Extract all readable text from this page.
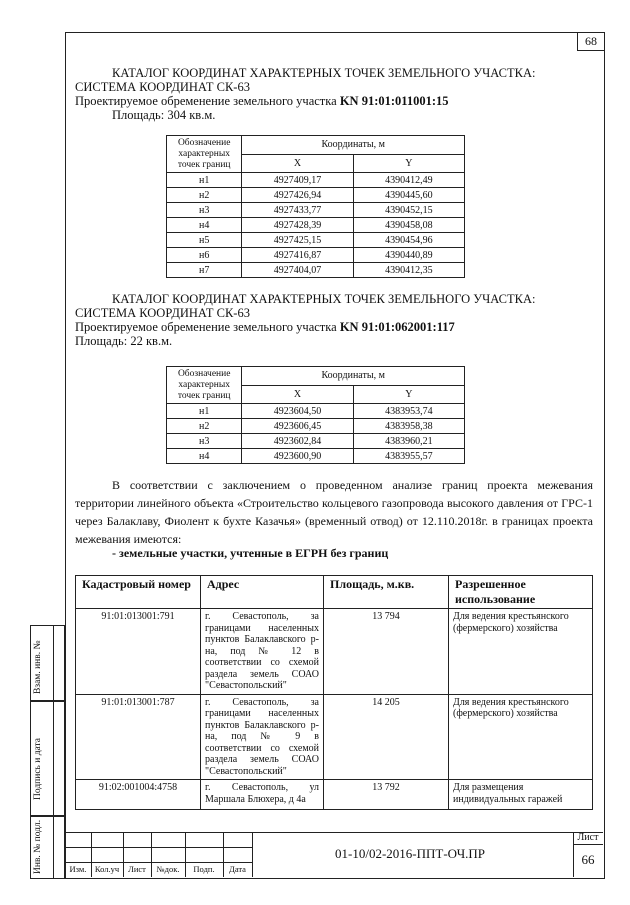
68
КАТАЛОГ КООРДИНАТ ХАРАКТЕРНЫХ ТОЧЕК ЗЕМЕЛЬНОГО УЧАСТКА:
СИСТЕМА КООРДИНАТ СК-63
Проектируемое обременение земельного участка KN 91:01:011001:15
Площадь: 304 кв.м.
Обозначение характерных точек границ	Координаты, м	
	X	Y
н1	4927409,17	4390412,49
н2	4927426,94	4390445,60
н3	4927433,77	4390452,15
н4	4927428,39	4390458,08
н5	4927425,15	4390454,96
н6	4927416,87	4390440,89
н7	4927404,07	4390412,35
КАТАЛОГ КООРДИНАТ ХАРАКТЕРНЫХ ТОЧЕК ЗЕМЕЛЬНОГО УЧАСТКА:
СИСТЕМА КООРДИНАТ СК-63
Проектируемое обременение земельного участка KN 91:01:062001:117
Площадь: 22 кв.м.
Обозначение характерных точек границ	Координаты, м	
	X	Y
н1	4923604,50	4383953,74
н2	4923606,45	4383958,38
н3	4923602,84	4383960,21
н4	4923600,90	4383955,57
В соответствии с заключением о проведенном анализе границ проекта межевания территории линейного объекта «Строительство кольцевого газопровода высокого давления от ГРС-1 через Балаклаву, Фиолент к бухте Казачья» (временный отвод) от 12.110.2018г. в границах проекта межевания имеются:
- земельные участки, учтенные в ЕГРН без границ
Кадастровый номер	Адрес	Площадь, м.кв.	Разрешенное использование
91:01:013001:791	г. Севастополь, за границами населенных пунктов Балаклавского р-на, под № 12 в соответствии со схемой раздела земель СОАО "Севастопольский"	13 794	Для ведения крестьянского (фермерского) хозяйства
91:01:013001:787	г. Севастополь, за границами населенных пунктов Балаклавского р-на, под № 9 в соответствии со схемой раздела земель СОАО "Севастопольский"	14 205	Для ведения крестьянского (фермерского) хозяйства
91:02:001004:4758	г. Севастополь, ул Маршала Блюхера, д 4а	13 792	Для размещения индивидуальных гаражей
Взам. инв. №
Подпись и дата
Инв. № подл.	Изм. Кол.уч	Лист	№док.	Подп.	Дата
01-10/02-2016-ППТ-ОЧ.ПР
Лист
66
